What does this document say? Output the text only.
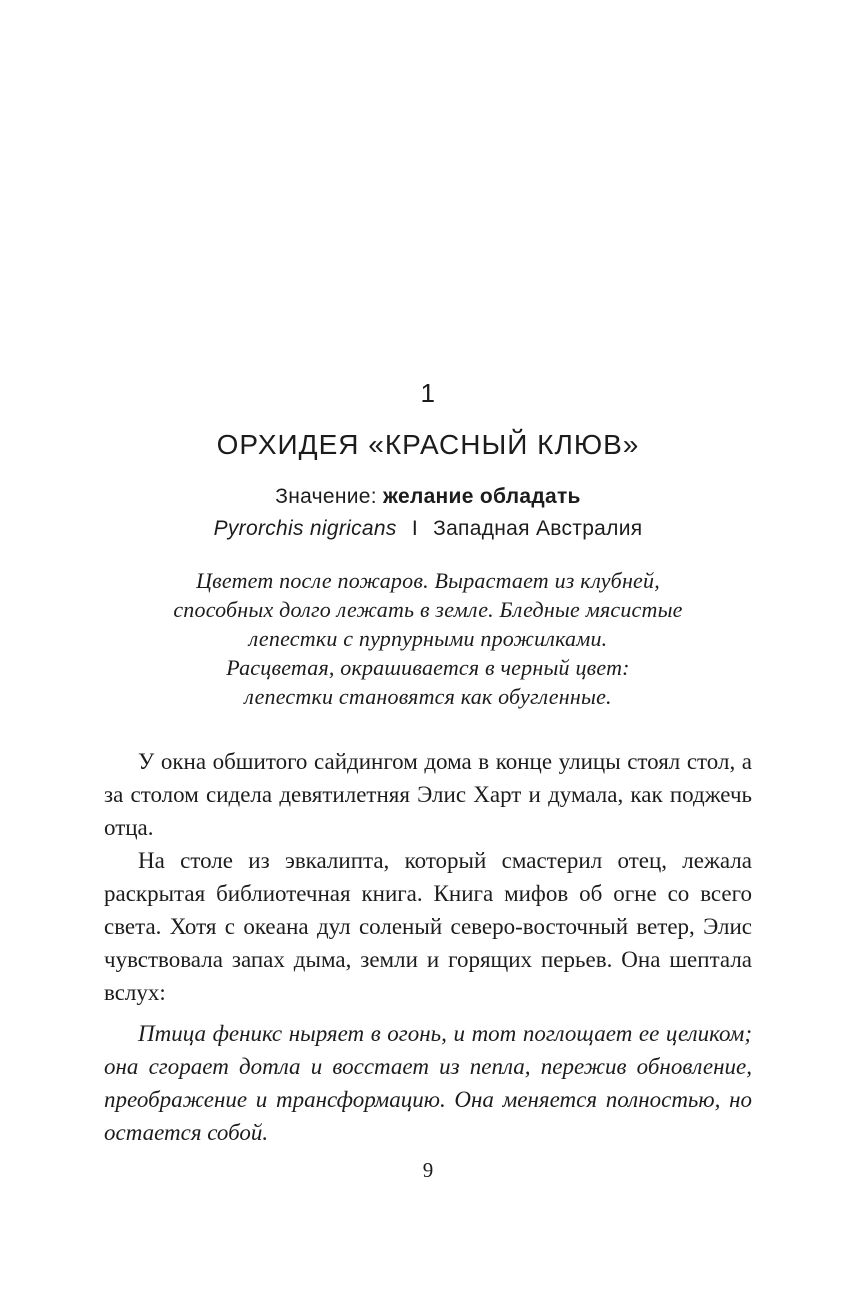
1
ОРХИДЕЯ «КРАСНЫЙ КЛЮВ»
Значение: желание обладать
Pyrorchis nigricans I Западная Австралия
Цветет после пожаров. Вырастает из клубней,
способных долго лежать в земле. Бледные мясистые
лепестки с пурпурными прожилками.
Расцветая, окрашивается в черный цвет:
лепестки становятся как обугленные.

У окна обшитого сайдингом дома в конце улицы стоял стол, а за столом сидела девятилетняя Элис Харт и думала, как поджечь отца.

На столе из эвкалипта, который смастерил отец, лежала раскрытая библиотечная книга. Книга мифов об огне со всего света. Хотя с океана дул соленый северо-восточный ветер, Элис чувствовала запах дыма, земли и горящих перьев. Она шептала вслух:

Птица феникс ныряет в огонь, и тот поглощает ее целиком; она сгорает дотла и восстает из пепла, пережив обновление, преображение и трансформацию. Она меняется полностью, но остается собой.

9
